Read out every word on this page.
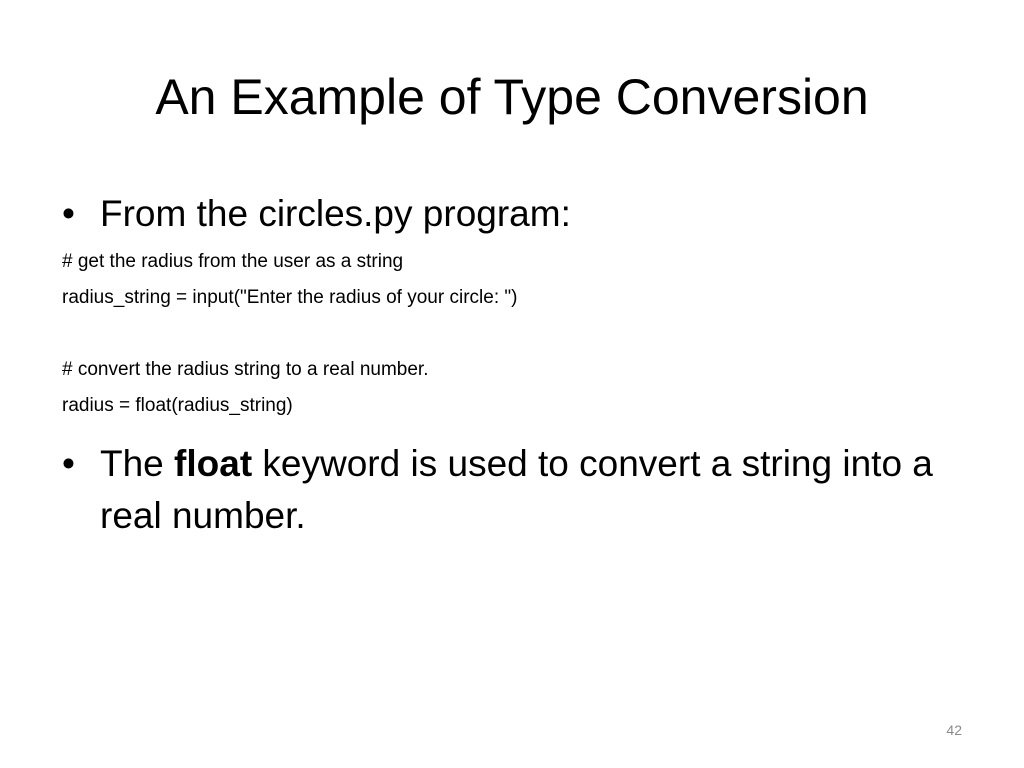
An Example of Type Conversion
• From the circles.py program:
# get the radius from the user as a string
radius_string = input("Enter the radius of your circle: ")
# convert the radius string to a real number.
radius = float(radius_string)
• The float keyword is used to convert a string into a real number.
42
